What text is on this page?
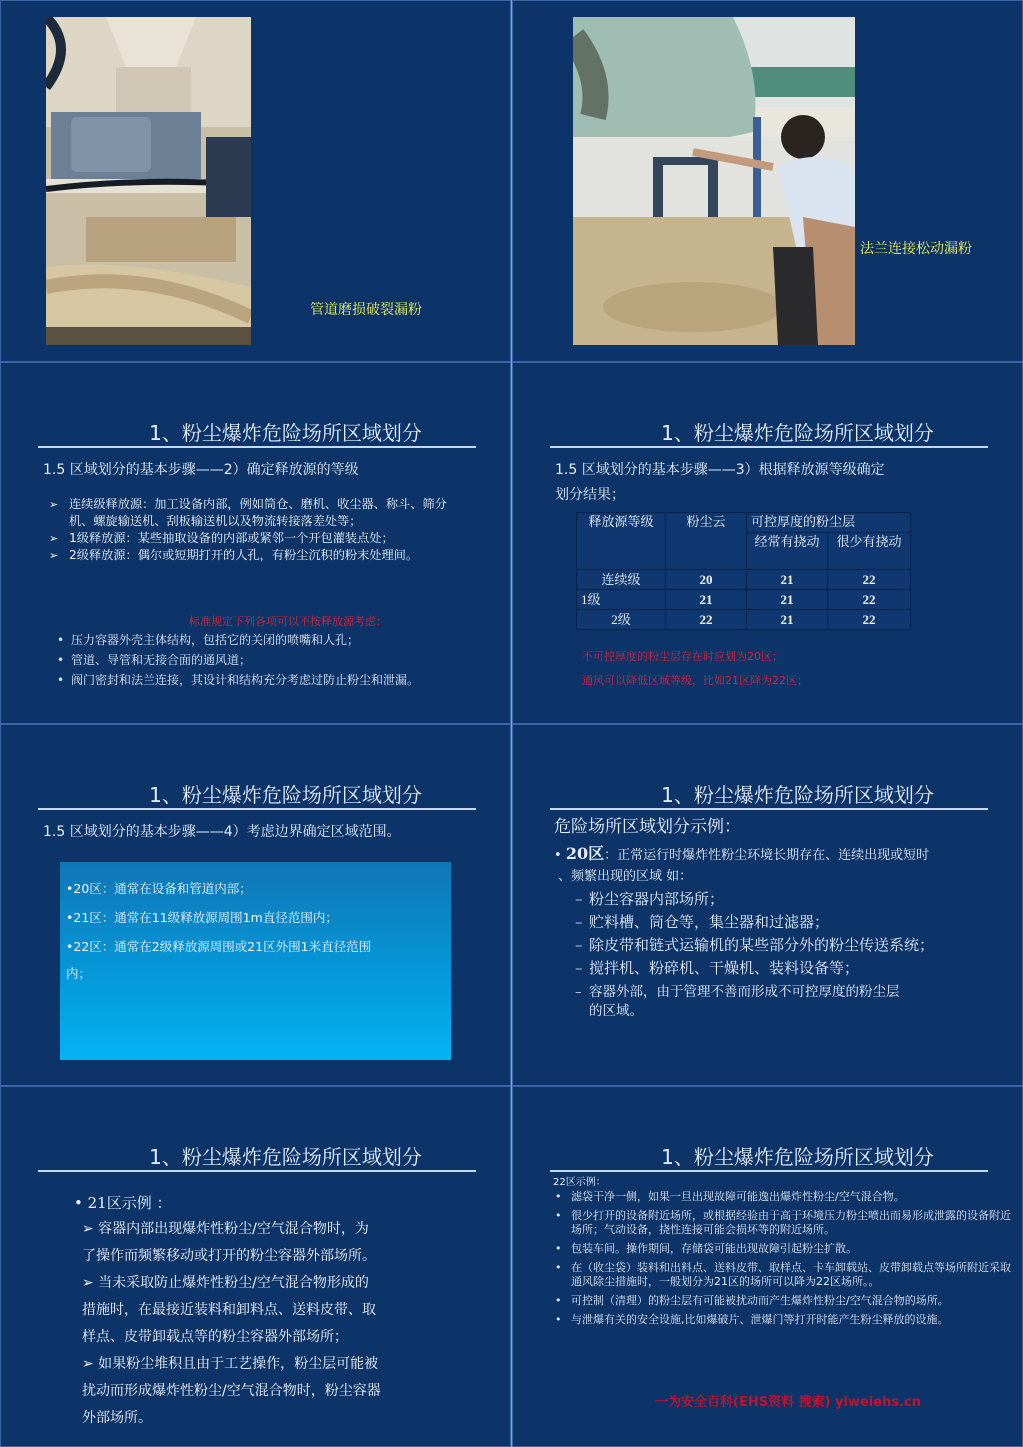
管道磨损破裂漏粉
法兰连接松动漏粉
1、粉尘爆炸危险场所区域划分
1.5 区域划分的基本步骤——2）确定释放源的等级
➢ 连续级释放源：加工设备内部，例如筒仓、磨机、收尘器、称斗、筛分机、螺旋输送机、刮板输送机以及物流转接落差处等；
➢ 1级释放源：某些抽取设备的内部或紧邻一个开包灌装点处；
➢ 2级释放源：偶尔或短期打开的人孔，有粉尘沉积的粉末处理间。
标准规定下列各项可以不按释放源考虑：
• 压力容器外壳主体结构，包括它的关闭的喷嘴和人孔；
• 管道、导管和无接合面的通风道；
• 阀门密封和法兰连接，其设计和结构充分考虑过防止粉尘和泄漏。
1、粉尘爆炸危险场所区域划分
1.5 区域划分的基本步骤——3）根据释放源等级确定
划分结果；
释放源等级	粉尘云	可控厚度的粉尘层	
		经常有挠动	很少有挠动
连续级	20	21	22
1级	21	21	22
2级	22	21	22
不可控厚度的粉尘层存在时应划为20区；
通风可以降低区域等级，比如21区降为22区；
1、粉尘爆炸危险场所区域划分
1.5 区域划分的基本步骤——4）考虑边界确定区域范围。

•20区：通常在设备和管道内部；

•21区：通常在11级释放源周围1m直径范围内；

•22区：通常在2级释放源周围或21区外围1米直径范围

内；

1、粉尘爆炸危险场所区域划分
危险场所区域划分示例：
• 20区：正常运行时爆炸性粉尘环境长期存在、连续出现或短时
、频繁出现的区域 如：
– 粉尘容器内部场所；
– 贮料槽、筒仓等，集尘器和过滤器；
– 除皮带和链式运输机的某些部分外的粉尘传送系统；
– 搅拌机、粉碎机、干燥机、装料设备等；
– 容器外部，由于管理不善而形成不可控厚度的粉尘层
的区域。
1、粉尘爆炸危险场所区域划分
• 21区示例 ：

➢ 容器内部出现爆炸性粉尘/空气混合物时，为

了操作而频繁移动或打开的粉尘容器外部场所。

➢ 当未采取防止爆炸性粉尘/空气混合物形成的

措施时，在最接近装料和卸料点、送料皮带、取

样点、皮带卸载点等的粉尘容器外部场所；

➢ 如果粉尘堆积且由于工艺操作，粉尘层可能被

扰动而形成爆炸性粉尘/空气混合物时，粉尘容器

外部场所。

1、粉尘爆炸危险场所区域划分
22区示例：
• 滤袋干净一侧，如果一旦出现故障可能逸出爆炸性粉尘/空气混合物。
• 很少打开的设备附近场所，或根据经验由于高于环境压力粉尘喷出而易形成泄露的设备附近场所；气动设备，挠性连接可能会损坏等的附近场所。
• 包装车间。操作期间，存储袋可能出现故障引起粉尘扩散。
• 在（收尘袋）装料和出料点、送料皮带、取样点、卡车卸载站、皮带卸载点等场所附近采取通风除尘措施时，一般划分为21区的场所可以降为22区场所。。
• 可控制（清理）的粉尘层有可能被扰动而产生爆炸性粉尘/空气混合物的场所。
• 与泄爆有关的安全设施,比如爆破片、泄爆门等打开时能产生粉尘释放的设施。
一为安全百科(EHS资料 搜索) yiweiehs.cn
